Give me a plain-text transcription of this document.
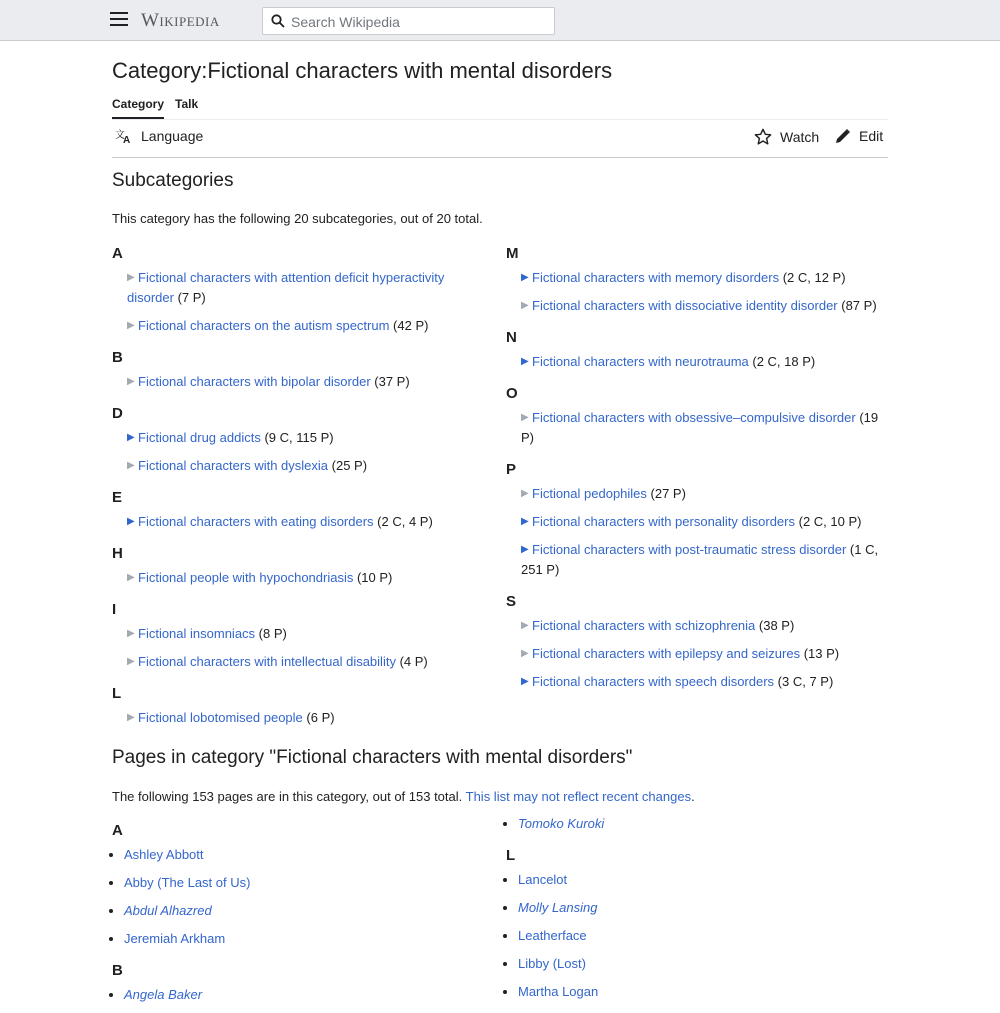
Wikipedia
Search Wikipedia
Category:Fictional characters with mental disorders
Category Talk
文
A Language	Watch	Edit
Subcategories

This category has the following 20 subcategories, out of 20 total.

A
▶ Fictional characters with attention deficit hyperactivity disorder (7 P)
▶ Fictional characters on the autism spectrum (42 P)
B
▶ Fictional characters with bipolar disorder (37 P)
D
▶ Fictional drug addicts (9 C, 115 P)
▶ Fictional characters with dyslexia (25 P)
E
▶ Fictional characters with eating disorders (2 C, 4 P)
H
▶ Fictional people with hypochondriasis (10 P)
I
▶ Fictional insomniacs (8 P)
▶ Fictional characters with intellectual disability (4 P)
L
▶ Fictional lobotomised people (6 P)
M
▶ Fictional characters with memory disorders (2 C, 12 P)
▶ Fictional characters with dissociative identity disorder (87 P)
N
▶ Fictional characters with neurotrauma (2 C, 18 P)
O
▶ Fictional characters with obsessive–compulsive disorder (19 P)
P
▶ Fictional pedophiles (27 P)
▶ Fictional characters with personality disorders (2 C, 10 P)
▶ Fictional characters with post-traumatic stress disorder (1 C, 251 P)
S
▶ Fictional characters with schizophrenia (38 P)
▶ Fictional characters with epilepsy and seizures (13 P)
▶ Fictional characters with speech disorders (3 C, 7 P)
Pages in category "Fictional characters with mental disorders"

The following 153 pages are in this category, out of 153 total. This list may not reflect recent changes.

A
• Ashley Abbott
• Abby (The Last of Us)
• Abdul Alhazred
• Jeremiah Arkham
B
• Angela Baker
• Tomoko Kuroki
L
• Lancelot
• Molly Lansing
• Leatherface
• Libby (Lost)
• Martha Logan
